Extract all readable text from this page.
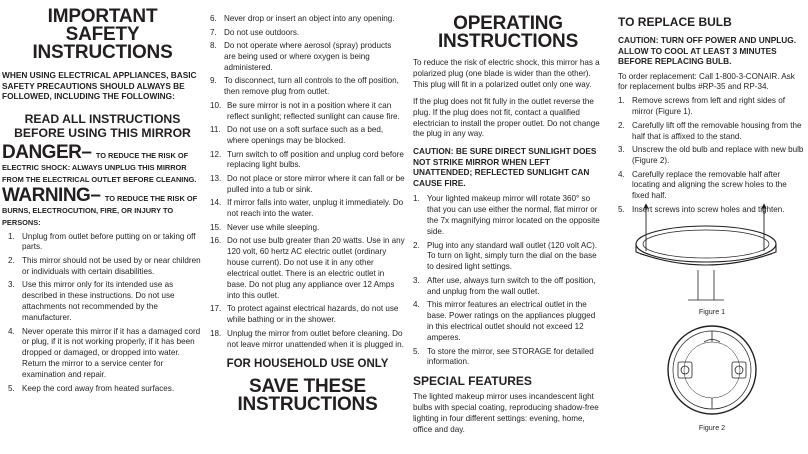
IMPORTANT
SAFETY
INSTRUCTIONS
WHEN USING ELECTRICAL APPLIANCES, BASIC SAFETY PRECAUTIONS SHOULD ALWAYS BE FOLLOWED, INCLUDING THE FOLLOWING:
READ ALL INSTRUCTIONS BEFORE USING THIS MIRROR
DANGER– TO REDUCE THE RISK OF ELECTRIC SHOCK: ALWAYS UNPLUG THIS MIRROR FROM THE ELECTRICAL OUTLET BEFORE CLEANING.
WARNING– TO REDUCE THE RISK OF BURNS, ELECTROCUTION, FIRE, OR INJURY TO PERSONS:
1. Unplug from outlet before putting on or taking off parts.
2. This mirror should not be used by or near children or individuals with certain disabilities.
3. Use this mirror only for its intended use as described in these instructions. Do not use attachments not recommended by the manufacturer.
4. Never operate this mirror if it has a damaged cord or plug, if it is not working properly, if it has been dropped or damaged, or dropped into water. Return the mirror to a service center for examination and repair.
5. Keep the cord away from heated surfaces.
6. Never drop or insert an object into any opening.
7. Do not use outdoors.
8. Do not operate where aerosol (spray) products are being used or where oxygen is being administered.
9. To disconnect, turn all controls to the off position, then remove plug from outlet.
10. Be sure mirror is not in a position where it can reflect sunlight; reflected sunlight can cause fire.
11. Do not use on a soft surface such as a bed, where openings may be blocked.
12. Turn switch to off position and unplug cord before replacing light bulbs.
13. Do not place or store mirror where it can fall or be pulled into a tub or sink.
14. If mirror falls into water, unplug it immediately. Do not reach into the water.
15. Never use while sleeping.
16. Do not use bulb greater than 20 watts. Use in any 120 volt, 60 hertz AC electric outlet (ordinary house current). Do not use it in any other electrical outlet. There is an electric outlet in base. Do not plug any appliance over 12 Amps into this outlet.
17. To protect against electrical hazards, do not use while bathing or in the shower.
18. Unplug the mirror from outlet before cleaning. Do not leave mirror unattended when it is plugged in.
FOR HOUSEHOLD USE ONLY
SAVE THESE
INSTRUCTIONS
OPERATING
INSTRUCTIONS

To reduce the risk of electric shock, this mirror has a polarized plug (one blade is wider than the other). This plug will fit in a polarized outlet only one way.

If the plug does not fit fully in the outlet reverse the plug. If the plug does not fit, contact a qualified electrician to install the proper outlet. Do not change the plug in any way.

CAUTION: BE SURE DIRECT SUNLIGHT DOES NOT STRIKE MIRROR WHEN LEFT UNATTENDED; REFLECTED SUNLIGHT CAN CAUSE FIRE.

1. Your lighted makeup mirror will rotate 360° so that you can use either the normal, flat mirror or the 7x magnifying mirror located on the opposite side.
2. Plug into any standard wall outlet (120 volt AC). To turn on light, simply turn the dial on the base to desired light settings.
3. After use, always turn switch to the off position, and unplug from the wall outlet.
4. This mirror features an electrical outlet in the base. Power ratings on the appliances plugged in this electrical outlet should not exceed 12 amperes.
5. To store the mirror, see STORAGE for detailed information.
SPECIAL FEATURES

The lighted makeup mirror uses incandescent light bulbs with special coating, reproducing shadow-free lighting in four different settings: evening, home, office and day.

TO REPLACE BULB

CAUTION: TURN OFF POWER AND UNPLUG. ALLOW TO COOL AT LEAST 3 MINUTES BEFORE REPLACING BULB.

To order replacement: Call 1-800-3-CONAIR. Ask for replacement bulbs #RP-35 and RP-34.

1. Remove screws from left and right sides of mirror (Figure 1).
2. Carefully lift off the removable housing from the half that is affixed to the stand.
3. Unscrew the old bulb and replace with new bulb (Figure 2).
4. Carefully replace the removable half after locating and aligning the screw holes to the fixed half.
5. Insert screws into screw holes and tighten.
Figure 1
Figure 2
